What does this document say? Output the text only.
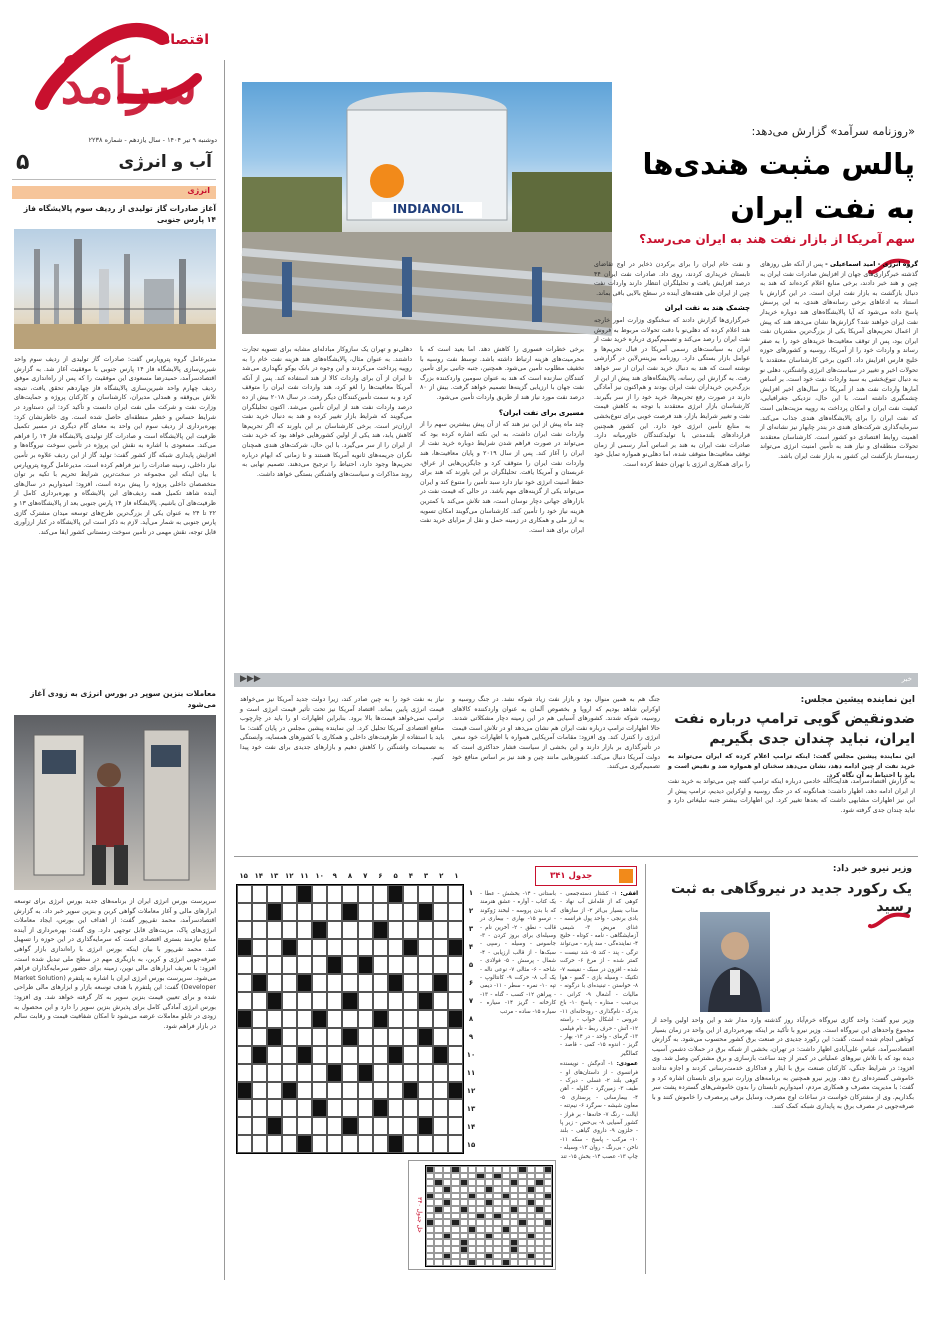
سرآمد
اقتصاد
دوشنبه ۹ تیر ۱۴۰۴ - سال یازدهم - شماره ۲۲۳۸
آب و انرژی
۵
انرژی
آغاز صادرات گاز تولیدی از ردیف سوم پالایشگاه فاز ۱۴ پارس جنوبی
مدیرعامل گروه پتروپارس گفت: صادرات گاز تولیدی از ردیف سوم واحد شیرین‌سازی پالایشگاه فاز ۱۴ پارس جنوبی با موفقیت آغاز شد. به گزارش اقتصادسرآمد، حمیدرضا مسعودی این موفقیت را که پس از راه‌اندازی موفق ردیف چهارم واحد شیرین‌سازی پالایشگاه فاز چهاردهم تحقق یافت، نتیجه تلاش بی‌وقفه و همدلی مدیران، کارشناسان و کارکنان پروژه و حمایت‌های وزارت نفت و شرکت ملی نفت ایران دانست و تأکید کرد: این دستاورد در شرایط حساس و خطیر منطقه‌ای حاصل شده است. وی خاطرنشان کرد: بهره‌برداری از ردیف سوم این واحد به معنای گام دیگری در مسیر تکمیل ظرفیت این پالایشگاه است و صادرات گاز تولیدی پالایشگاه فاز ۱۴ را فراهم می‌کند. مسعودی با اشاره به نقش این پروژه در تأمین سوخت نیروگاه‌ها و افزایش پایداری شبکه گاز کشور گفت: تولید گاز از این ردیف علاوه بر تأمین نیاز داخلی، زمینه صادرات را نیز فراهم کرده است. مدیرعامل گروه پتروپارس با بیان اینکه این مجموعه در سخت‌ترین شرایط تحریم با تکیه بر توان متخصصان داخلی پروژه را پیش برده است، افزود: امیدواریم در سال‌های آینده شاهد تکمیل همه ردیف‌های این پالایشگاه و بهره‌برداری کامل از ظرفیت‌های آن باشیم. پالایشگاه فاز ۱۴ پارس جنوبی بعد از پالایشگاه‌های ۱۳ و ۲۲ تا ۲۴ به عنوان یکی از بزرگ‌ترین طرح‌های توسعه میدان مشترک گازی پارس جنوبی به شمار می‌آید. لازم به ذکر است این پالایشگاه در کنار ارزآوری قابل توجه، نقش مهمی در تأمین سوخت زمستانی کشور ایفا می‌کند.
معاملات بنزین سوپر در بورس انرژی به زودی آغاز می‌شود
سرپرست بورس انرژی ایران از برنامه‌های جدید بورس انرژی برای توسعه ابزارهای مالی و آغاز معاملات گواهی کربن و بنزین سوپر خبر داد. به گزارش اقتصادسرآمد، محمد نقی‌پور گفت: از اهداف این بورس، ایجاد معاملات انرژی‌های پاک، مزیت‌های قابل توجهی دارد. وی گفت: بهره‌برداری از آینده منابع نیازمند بستری اقتصادی است که سرمایه‌گذاری در این حوزه را تسهیل کند. محمد نقی‌پور با بیان اینکه بورس انرژی با راه‌اندازی بازار گواهی صرفه‌جویی انرژی و کربن، به بازیگری مهم در سطح ملی تبدیل شده است، افزود: با تعریف ابزارهای مالی نوین، زمینه برای حضور سرمایه‌گذاران فراهم می‌شود. سرپرست بورس انرژی ایران با اشاره به پلتفرم (Market Solution Developer) گفت: این پلتفرم با هدف توسعه بازار و ابزارهای مالی طراحی شده و برای تعیین قیمت بنزین سوپر به کار گرفته خواهد شد. وی افزود: بورس انرژی آمادگی کامل برای پذیرش بنزین سوپر را دارد و این محصول به زودی در تابلو معاملات عرضه می‌شود تا امکان شفافیت قیمت و رقابت سالم در بازار فراهم شود.
INDIANOIL
«روزنامه سرآمد» گزارش می‌دهد:
پالس مثبت هندی‌ها
به نفت ایران
سهم آمریکا از بازار نفت هند به ایران می‌رسد؟

گروه انرژی - امید اسماعیلی - پس از آنکه طی روزهای گذشته خبرگزاری‌های جهان از افزایش صادرات نفت ایران به چین و هند خبر دادند، برخی منابع اعلام کرده‌اند که هند به دنبال بازگشت به بازار نفت ایران است. در این گزارش با استناد به ادعاهای برخی رسانه‌های هندی، به این پرسش پاسخ داده می‌شود که آیا پالایشگاه‌های هند دوباره خریدار نفت ایران خواهند شد؟ گزارش‌ها نشان می‌دهد هند که پیش از اعمال تحریم‌های آمریکا یکی از بزرگ‌ترین مشتریان نفت ایران بود، پس از توقف معافیت‌ها خریدهای خود را به صفر رساند و واردات خود را از آمریکا، روسیه و کشورهای حوزه خلیج فارس افزایش داد. اکنون برخی کارشناسان معتقدند با تحولات اخیر و تغییر در سیاست‌های انرژی واشنگتن، دهلی نو به دنبال تنوع‌بخشی به سبد واردات نفت خود است. بر اساس آمارها واردات نفت هند از آمریکا در سال‌های اخیر افزایش چشمگیری داشته است. با این حال، نزدیکی جغرافیایی، کیفیت نفت ایران و امکان پرداخت به روپیه مزیت‌هایی است که نفت ایران را برای پالایشگاه‌های هندی جذاب می‌کند. سرمایه‌گذاری شرکت‌های هندی در بندر چابهار نیز نشانه‌ای از اهمیت روابط اقتصادی دو کشور است. کارشناسان معتقدند تحولات منطقه‌ای و نیاز هند به تأمین امنیت انرژی می‌تواند زمینه‌ساز بازگشت این کشور به بازار نفت ایران باشد.

و نفت خام ایران را برای برکردن ذخایر در اوج تقاضای تابستان خریداری کردند، روی داد. صادرات نفت ایران ۴۴ درصد افزایش یافت و تحلیلگران انتظار دارند واردات نفت چین از ایران طی هفته‌های آینده در سطح بالایی باقی بماند.

چشمک هند به نفت ایران

خبرگزاری‌ها گزارش دادند که سخنگوی وزارت امور خارجه هند اعلام کرده که دهلی‌نو با دقت تحولات مربوط به فروش نفت ایران را رصد می‌کند و تصمیم‌گیری درباره خرید نفت از ایران به سیاست‌های رسمی آمریکا در قبال تحریم‌ها و عوامل بازار بستگی دارد. روزنامه بیزینس‌لاین در گزارشی نوشته است که هند به دنبال خرید نفت ایران از سر خواهد رفت. به گزارش این رسانه، پالایشگاه‌های هند پیش از این از بزرگ‌ترین خریداران نفت ایران بودند و هم‌اکنون نیز آمادگی دارند در صورت رفع تحریم‌ها، خرید خود را از سر بگیرند. کارشناسان بازار انرژی معتقدند با توجه به کاهش قیمت نفت و تغییر شرایط بازار، هند فرصت خوبی برای تنوع‌بخشی به منابع تأمین انرژی خود دارد. این کشور همچنین قراردادهای بلندمدتی با تولیدکنندگان خاورمیانه دارد. صادرات نفت ایران به هند بر اساس آمار رسمی از زمان توقف معافیت‌ها متوقف شده، اما دهلی‌نو همواره تمایل خود را برای همکاری انرژی با تهران حفظ کرده است.

برخی خطرات فسوری را کاهش دهد. اما بعید است که با محرمیت‌های هزینه ارتباط داشته باشد. توسط نفت روسیه با تخفیف مطلوب تأمین می‌شود. همچنین، جنبه جانبی برای تأمین کنندگان سازنده است که هند به عنوان سومین واردکننده بزرگ نفت جهان با ارزیابی گزینه‌ها تصمیم خواهد گرفت. بیش از ۸۰ درصد نفت مورد نیاز هند از طریق واردات تأمین می‌شود.

مسیری برای نفت ایران؟

چند ماه پیش از این نیز هند که از آن پیش بیشترین سهم را از واردات نفت ایران داشت، به این نکته اشاره کرده بود که می‌تواند در صورت فراهم شدن شرایط دوباره خرید نفت از ایران را آغاز کند. پس از سال ۲۰۱۹ و پایان معافیت‌ها، هند واردات نفت ایران را متوقف کرد و جایگزین‌هایی از عراق، عربستان و آمریکا یافت. تحلیلگران بر این باورند که هند برای حفظ امنیت انرژی خود نیاز دارد سبد تأمین را متنوع کند و ایران می‌تواند یکی از گزینه‌های مهم باشد. در حالی که قیمت نفت در بازارهای جهانی دچار نوسان است، هند تلاش می‌کند با کمترین هزینه نیاز خود را تأمین کند. کارشناسان می‌گویند امکان تسویه به ارز ملی و همکاری در زمینه حمل و نقل از مزایای خرید نفت ایران برای هند است.

دهلی‌نو و تهران یک سازوکار مبادله‌ای مشابه برای تسویه تجارت داشتند. به عنوان مثال، پالایشگاه‌های هند هزینه نفت خام را به روپیه پرداخت می‌کردند و این وجوه در بانک یوکو نگهداری می‌شد تا ایران از آن برای واردات کالا از هند استفاده کند. پس از آنکه آمریکا معافیت‌ها را لغو کرد، هند واردات نفت ایران را متوقف کرد و به سمت تأمین‌کنندگان دیگر رفت. در سال ۲۰۱۸ بیش از ده درصد واردات نفت هند از ایران تأمین می‌شد. اکنون تحلیلگران می‌گویند که شرایط بازار تغییر کرده و هند به دنبال خرید نفت ارزان‌تر است. برخی کارشناسان بر این باورند که اگر تحریم‌ها کاهش یابد، هند یکی از اولین کشورهایی خواهد بود که خرید نفت از ایران را از سر می‌گیرد. با این حال، شرکت‌های هندی همچنان نگران جریمه‌های ثانویه آمریکا هستند و تا زمانی که ابهام درباره تحریم‌ها وجود دارد، احتیاط را ترجیح می‌دهند. تصمیم نهایی به روند مذاکرات و سیاست‌های واشنگتن بستگی خواهد داشت.
▶▶▶	خبر
این نماینده پیشین مجلس:
ضدونقیض گویی ترامپ درباره نفت
ایران، نباید چندان جدی بگیریم
این نماینده پیشین مجلس گفت: اینکه ترامپ اعلام کرده که ایران می‌تواند به خرید نفت از چین ادامه دهد، نشان می‌دهد سخنان او همواره ضد و نقیض است و باید با احتیاط به آن نگاه کرد.
به گزارش اقتصادسرآمد، هدایت‌الله خادمی درباره اینکه ترامپ گفته چین می‌تواند به خرید نفت از ایران ادامه دهد، اظهار داشت: همانگونه که در جنگ روسیه و اوکراین دیدیم، ترامپ پیش از این نیز اظهارات مشابهی داشت که بعدها تغییر کرد. این اظهارات بیشتر جنبه تبلیغاتی دارد و نباید چندان جدی گرفته شود.
جنگ هم به همین منوال بود و بازار نفت زیاد شوکه نشد. در جنگ روسیه و اوکراین شاهد بودیم که اروپا و بخصوص آلمان به عنوان واردکننده کالاهای روسیه، شوکه شدند. کشورهای آسیایی هم در این زمینه دچار مشکلاتی شدند. حالا اظهارات ترامپ درباره نفت ایران هم نشان می‌دهد او در تلاش است قیمت انرژی را کنترل کند. وی افزود: مقامات آمریکایی همواره با اظهارات خود سعی در تأثیرگذاری بر بازار دارند و این بخشی از سیاست فشار حداکثری است که دولت آمریکا دنبال می‌کند. کشورهایی مانند چین و هند نیز بر اساس منافع خود تصمیم‌گیری می‌کنند.
نیاز به نفت خود را به چین صادر کند، زیرا دولت جدید آمریکا نیز می‌خواهد قیمت انرژی پایین بماند. اقتصاد آمریکا نیز تحت تأثیر قیمت انرژی است و ترامپ نمی‌خواهد قیمت‌ها بالا برود. بنابراین اظهارات او را باید در چارچوب منافع اقتصادی آمریکا تحلیل کرد. این نماینده پیشین مجلس در پایان گفت: ما باید با استفاده از ظرفیت‌های داخلی و همکاری با کشورهای همسایه، وابستگی به تصمیمات واشنگتن را کاهش دهیم و بازارهای جدیدی برای نفت خود پیدا کنیم.
وزیر نیرو خبر داد:
یک رکورد جدید در نیروگاهی به ثبت رسید
وزیر نیرو گفت: واحد گازی نیروگاه خرم‌آباد روز گذشته وارد مدار شد و این واحد اولین واحد از مجموع واحدهای این نیروگاه است. وزیر نیرو با تأکید بر اینکه بهره‌برداری از این واحد در زمان بسیار کوتاهی انجام شده است، گفت: این رکورد جدیدی در صنعت برق کشور محسوب می‌شود. به گزارش اقتصادسرآمد، عباس علی‌آبادی اظهار داشت: در تهران، بخشی از شبکه برق در حملات دشمن آسیب دیده بود که با تلاش نیروهای عملیاتی در کمتر از چند ساعت بازسازی و برق مشترکین وصل شد. وی افزود: در شرایط جنگی، کارکنان صنعت برق با ایثار و فداکاری خدمت‌رسانی کردند و اجازه ندادند خاموشی گسترده‌ای رخ دهد. وزیر نیرو همچنین به برنامه‌های وزارت نیرو برای تابستان اشاره کرد و گفت: با مدیریت مصرف و همکاری مردم، امیدواریم تابستان را بدون خاموشی‌های گسترده پشت سر بگذاریم. وی از مشترکان خواست در ساعات اوج مصرف، وسایل برقی پرمصرف را خاموش کنند و با صرفه‌جویی در مصرف برق به پایداری شبکه کمک کنند.
جدول ۳۴۱

افقی: ۱- کشتار دسته‌جمعی - کوهی که از قله‌اش آب نهاد - مذاب بسیار بی‌اثر ۲- از سازهای بادی برنجی - واحد پول فرانسه - غذای مریض ۳- شیمی آزمایشگاهی - نامه - کوتاه - خلیج ۴- نماینده‌گی - سد پاره - می‌تواند ترگی - پند - کند ۵- شد نیست - کمتر شده - از مرغ ۶- حرکت شده - افزون در سبک - نفیسه ۷- تکنیک - وسیله بازی - گمبو - هوا ۸- خواستن - تبنیده‌ای با درگونه - مالیات - آشغال ۹- کرانی - بی‌عیب - ستاره - پاسخ ۱۰- باع بدرک - نام‌گذاری - رودخانه‌ای ۱۱- عروس - اشکال خواب - راسته ۱۲- آتش - حرف ربط - نام فیلمی ۱۳- گرمای - واحد - در ۱۴- بهار - گریز - اندوه ۱۵- کمی - قاصد - کمالگیر

عمودی: ۱- آدم‌گش - نویسنده فرانسوی - از داستان‌های او - کوهی بلند ۲- غسلی - دیرک - طیف ۳- زمین‌گرد - گلوله - آهن ۴- بیمارسانی - پرستاری ۵- معاون شیشه - سرگرد ۶- نیم‌تنه - ایالت - رنگ ۷- خانه‌ها - بر فراز - کشور آسیایی ۸- بی‌حس - زیر پا - حلزون ۹- داروی گیاهی - بلند ۱۰- مرکب - پاسخ - سکه ۱۱- ناخن - بی‌رنگ - روان ۱۲- وسیله - چاپ ۱۳- عصب ۱۴- بخش ۱۵- تند

باستانی - ۱۴- بخشش - عطا - یک کتاب - آواره - عشق هنرمند که با بدن پروسه - لبخند ژوکوند - ترسو ۱۵- بهاری - بیماری در قالب - نطق - ۲- آخرین نام - وسیله‌ای برای بروز کردن - ۳- جاسوس - وسیله - رسپی - سبک‌ها - از قالب ارزیابی - ۴- شمال - پرسش - ۵- فولادی - شاخه - ۶- مثالی ۷- نوعی ناله - یک آب ۸- حرکت ۹- کانتالوپ - تپه ۱۰- نمره - سطر - ۱۱- دیمی - پیراهن ۱۲- کسب - گناه - ۱۳- کارخانه - گریز ۱۴- سیاره - سیاره ۱۵- ساده - مرتب
حل جدول ۳۴۰
۱۵ ۱۴ ۱۳ ۱۲ ۱۱ ۱۰	۹	۸	۷	۶	۵	۴	۳	۲	۱
۱
۲
۳
۴
۵
۶
۷
۸
۹
۱۰
۱۱
۱۲
۱۳
۱۴
۱۵
